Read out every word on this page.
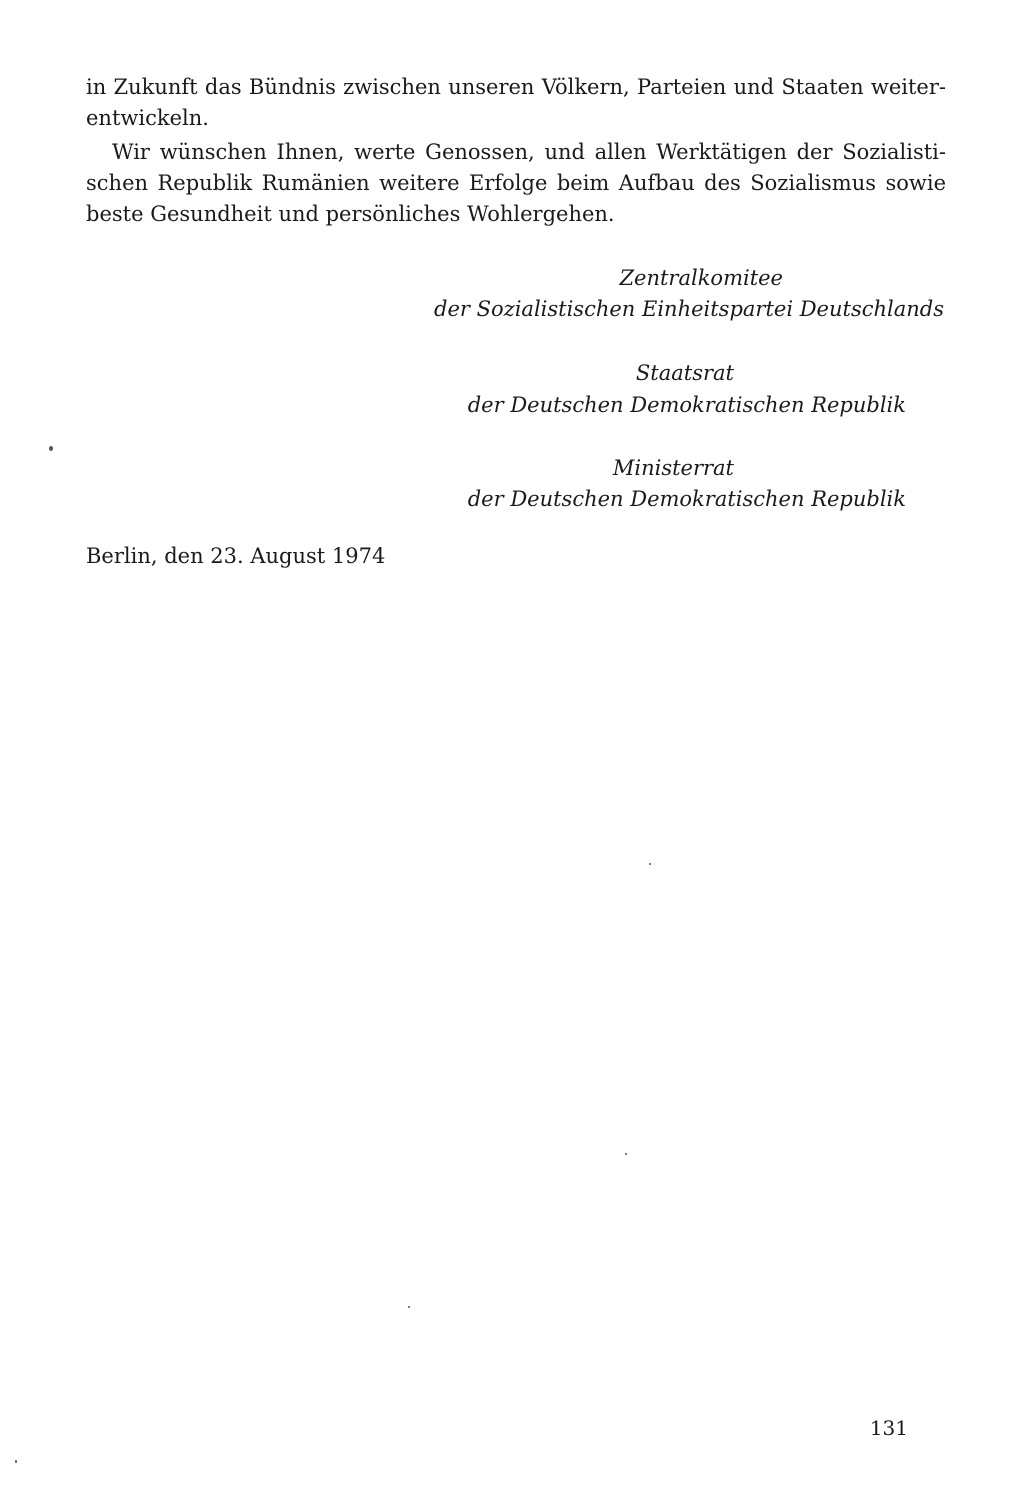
in Zukunft das Bündnis zwischen unseren Völkern, Parteien und Staaten weiter-
entwickeln.
Wir wünschen Ihnen, werte Genossen, und allen Werktätigen der Sozialisti-
schen Republik Rumänien weitere Erfolge beim Aufbau des Sozialismus sowie
beste Gesundheit und persönliches Wohlergehen.
Zentralkomitee
der Sozialistischen Einheitspartei Deutschlands
Staatsrat
der Deutschen Demokratischen Republik
Ministerrat
der Deutschen Demokratischen Republik
Berlin, den 23. August 1974
131
